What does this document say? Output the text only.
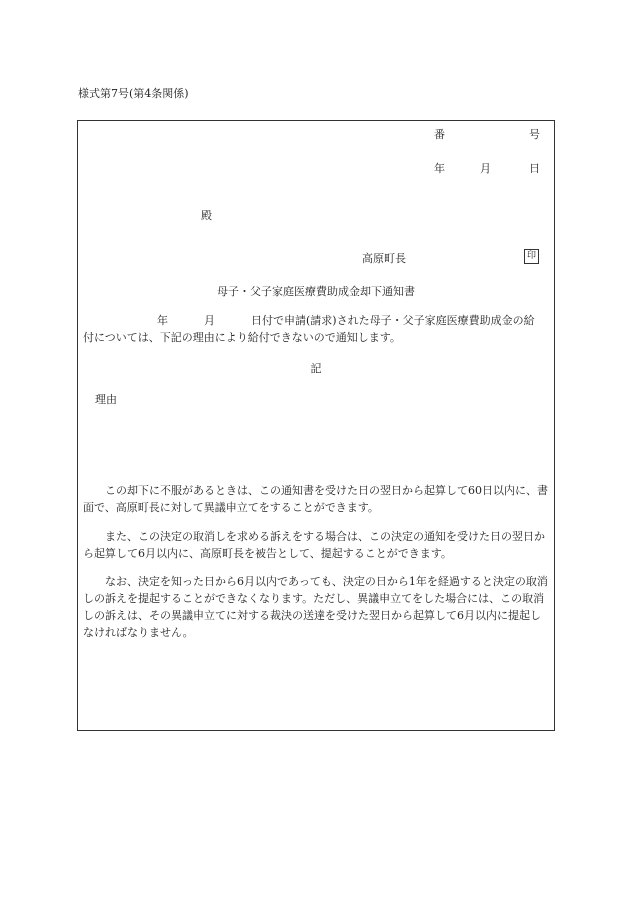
様式第7号(第4条関係)
番	号
年	月	日
殿
高原町長	印
母子・父子家庭医療費助成金却下通知書
年	月	日付で申請(請求)された母子・父子家庭医療費助成金の給
付については、下記の理由により給付できないので通知します。
記
理由
この却下に不服があるときは、この通知書を受けた日の翌日から起算して60日以内に、書面で、高原町長に対して異議申立てをすることができます。
また、この決定の取消しを求める訴えをする場合は、この決定の通知を受けた日の翌日から起算して6月以内に、高原町長を被告として、提起することができます。
なお、決定を知った日から6月以内であっても、決定の日から1年を経過すると決定の取消しの訴えを提起することができなくなります。ただし、異議申立てをした場合には、この取消しの訴えは、その異議申立てに対する裁決の送達を受けた翌日から起算して6月以内に提起しなければなりません。
